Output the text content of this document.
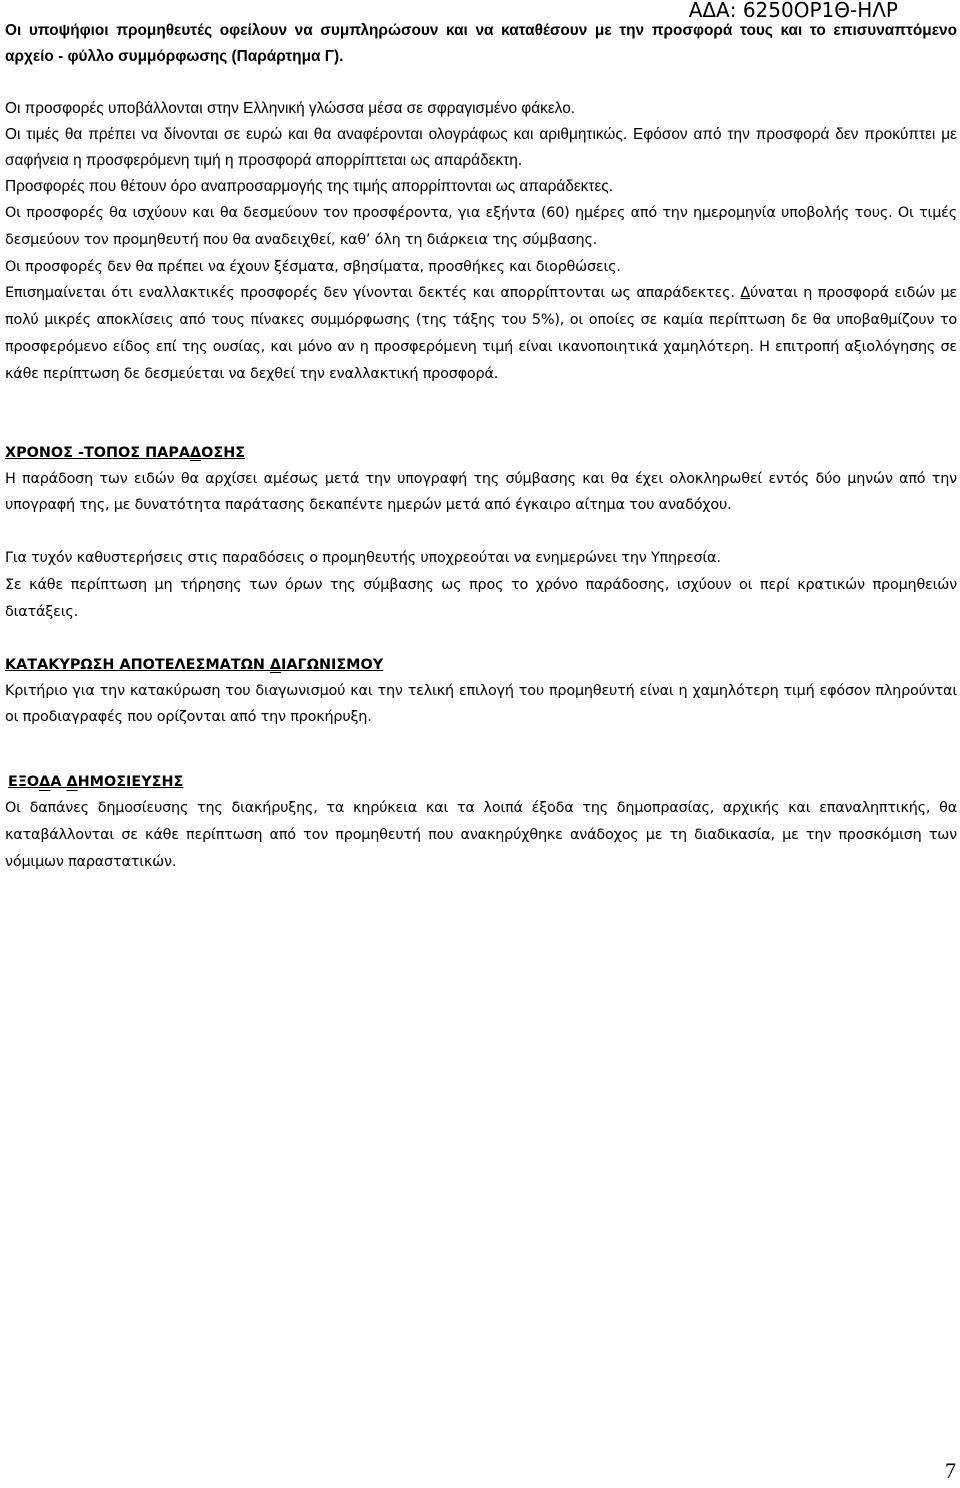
ΑΔΑ: 6250ΟΡ1Θ-ΗΛΡ

Οι υποψήφιοι προμηθευτές οφείλουν να συμπληρώσουν και να καταθέσουν με την προσφορά τους και το επισυναπτόμενο αρχείο - φύλλο συμμόρφωσης (Παράρτημα Γ).

Οι προσφορές υποβάλλονται στην Ελληνική γλώσσα μέσα σε σφραγισμένο φάκελο.

Οι τιμές θα πρέπει να δίνονται σε ευρώ και θα αναφέρονται ολογράφως και αριθμητικώς. Εφόσον από την προσφορά δεν προκύπτει με σαφήνεια η προσφερόμενη τιμή η προσφορά απορρίπτεται ως απαράδεκτη.

Προσφορές που θέτουν όρο αναπροσαρμογής της τιμής απορρίπτονται ως απαράδεκτες.

Οι προσφορές θα ισχύουν και θα δεσμεύουν τον προσφέροντα, για εξήντα (60) ημέρες από την ημερομηνία υποβολής τους. Οι τιμές δεσμεύουν τον προμηθευτή που θα αναδειχθεί, καθ’ όλη τη διάρκεια της σύμβασης.

Οι προσφορές δεν θα πρέπει να έχουν ξέσματα, σβησίματα, προσθήκες και διορθώσεις.

Επισημαίνεται ότι εναλλακτικές προσφορές δεν γίνονται δεκτές και απορρίπτονται ως απαράδεκτες. Δύναται η προσφορά ειδών με πολύ μικρές αποκλίσεις από τους πίνακες συμμόρφωσης (της τάξης του 5%), οι οποίες σε καμία περίπτωση δε θα υποβαθμίζουν το προσφερόμενο είδος επί της ουσίας, και μόνο αν η προσφερόμενη τιμή είναι ικανοποιητικά χαμηλότερη. Η επιτροπή αξιολόγησης σε κάθε περίπτωση δε δεσμεύεται να δεχθεί την εναλλακτική προσφορά.

ΧΡΟΝΟΣ -ΤΟΠΟΣ ΠΑΡΑΔΟΣΗΣ

Η παράδοση των ειδών θα αρχίσει αμέσως μετά την υπογραφή της σύμβασης και θα έχει ολοκληρωθεί εντός δύο μηνών από την υπογραφή της, με δυνατότητα παράτασης δεκαπέντε ημερών μετά από έγκαιρο αίτημα του αναδόχου.

Για τυχόν καθυστερήσεις στις παραδόσεις ο προμηθευτής υποχρεούται να ενημερώνει την Υπηρεσία.

Σε κάθε περίπτωση μη τήρησης των όρων της σύμβασης ως προς το χρόνο παράδοσης, ισχύουν οι περί κρατικών προμηθειών διατάξεις.

ΚΑΤΑΚΥΡΩΣΗ ΑΠΟΤΕΛΕΣΜΑΤΩΝ ΔΙΑΓΩΝΙΣΜΟΥ

Κριτήριο για την κατακύρωση του διαγωνισμού και την τελική επιλογή του προμηθευτή είναι η χαμηλότερη τιμή εφόσον πληρούνται οι προδιαγραφές που ορίζονται από την προκήρυξη.

ΕΞΟΔΑ ΔΗΜΟΣΙΕΥΣΗΣ

Οι δαπάνες δημοσίευσης της διακήρυξης, τα κηρύκεια και τα λοιπά έξοδα της δημοπρασίας, αρχικής και επαναληπτικής, θα καταβάλλονται σε κάθε περίπτωση από τον προμηθευτή που ανακηρύχθηκε ανάδοχος με τη διαδικασία, με την προσκόμιση των νόμιμων παραστατικών.

7
